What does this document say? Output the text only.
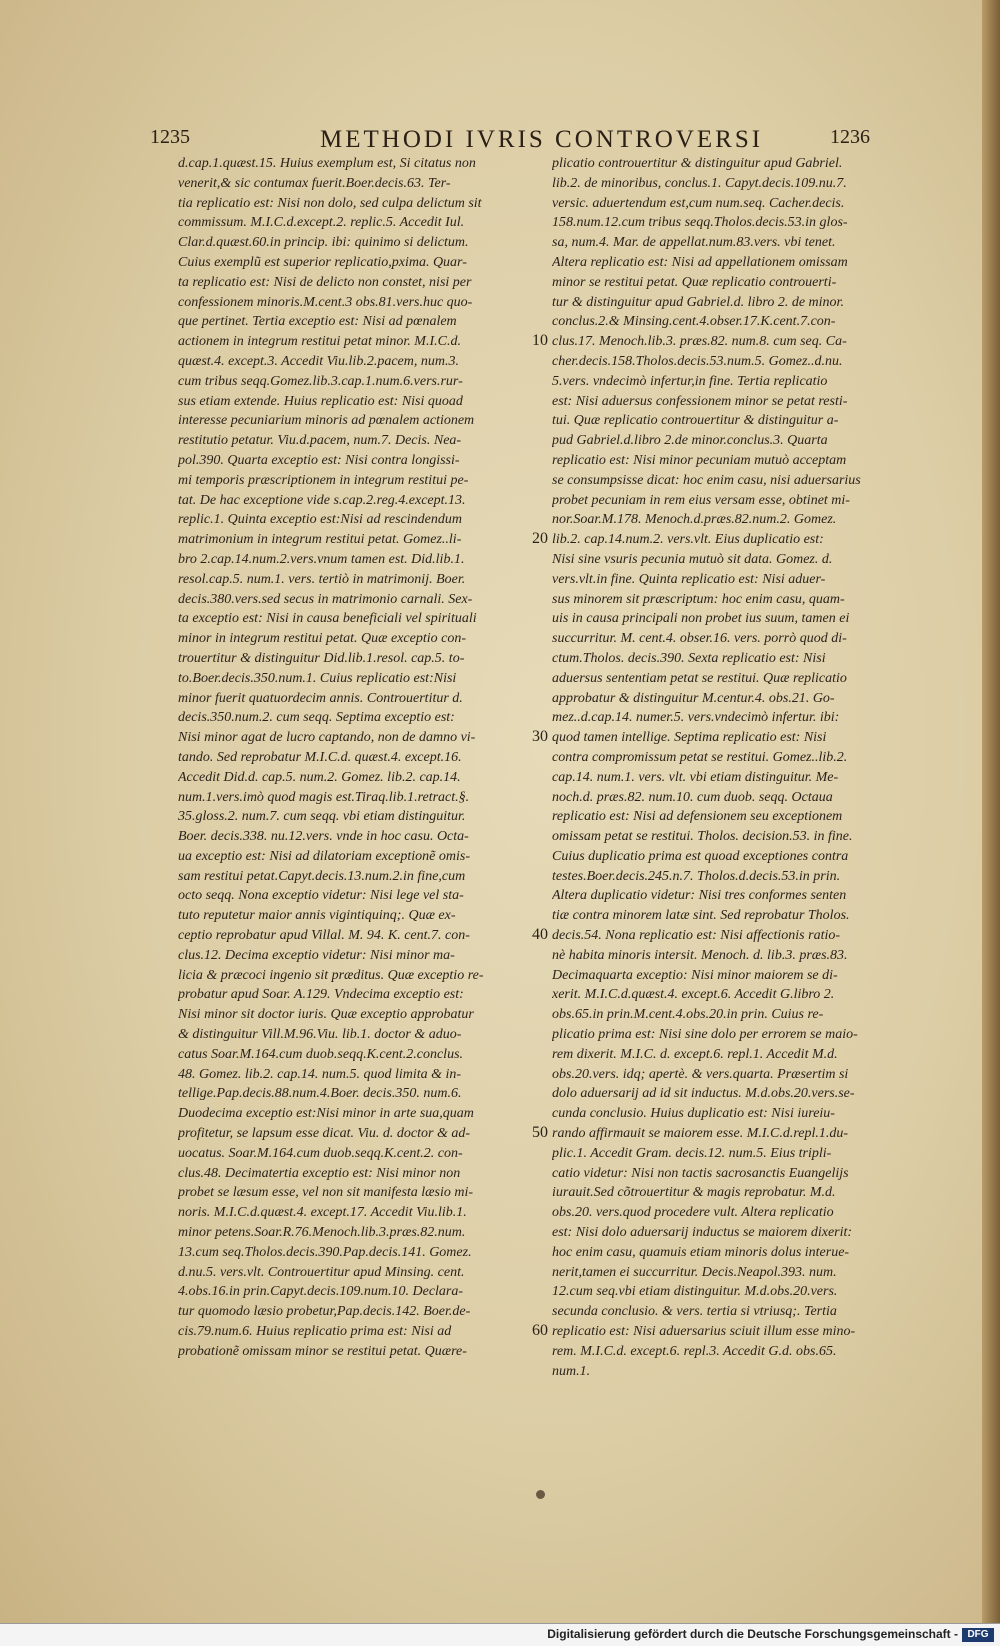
1235	METHODI IVRIS CONTROVERSI	1236
d.cap.1.quæst.15. Huius exemplum est, Si citatus non
venerit,& sic contumax fuerit.Boer.decis.63. Ter-
tia replicatio est: Nisi non dolo, sed culpa delictum sit
commissum. M.I.C.d.except.2. replic.5. Accedit Iul.
Clar.d.quæst.60.in princip. ibi: quinimo si delictum.
Cuius exemplũ est superior replicatio,pxima. Quar-
ta replicatio est: Nisi de delicto non constet, nisi per
confessionem minoris.M.cent.3 obs.81.vers.huc quo-
que pertinet. Tertia exceptio est: Nisi ad pœnalem
actionem in integrum restitui petat minor. M.I.C.d.
quæst.4. except.3. Accedit Viu.lib.2.pacem, num.3.
cum tribus seqq.Gomez.lib.3.cap.1.num.6.vers.rur-
sus etiam extende. Huius replicatio est: Nisi quoad
interesse pecuniarium minoris ad pœnalem actionem
restitutio petatur. Viu.d.pacem, num.7. Decis. Nea-
pol.390. Quarta exceptio est: Nisi contra longissi-
mi temporis præscriptionem in integrum restitui pe-
tat. De hac exceptione vide s.cap.2.reg.4.except.13.
replic.1. Quinta exceptio est:Nisi ad rescindendum
matrimonium in integrum restitui petat. Gomez..li-
bro 2.cap.14.num.2.vers.vnum tamen est. Did.lib.1.
resol.cap.5. num.1. vers. tertiò in matrimonij. Boer.
decis.380.vers.sed secus in matrimonio carnali. Sex-
ta exceptio est: Nisi in causa beneficiali vel spirituali
minor in integrum restitui petat. Quæ exceptio con-
trouertitur & distinguitur Did.lib.1.resol. cap.5. to-
to.Boer.decis.350.num.1. Cuius replicatio est:Nisi
minor fuerit quatuordecim annis. Controuertitur d.
decis.350.num.2. cum seqq. Septima exceptio est:
Nisi minor agat de lucro captando, non de damno vi-
tando. Sed reprobatur M.I.C.d. quæst.4. except.16.
Accedit Did.d. cap.5. num.2. Gomez. lib.2. cap.14.
num.1.vers.imò quod magis est.Tiraq.lib.1.retract.§.
35.gloss.2. num.7. cum seqq. vbi etiam distinguitur.
Boer. decis.338. nu.12.vers. vnde in hoc casu. Octa-
ua exceptio est: Nisi ad dilatoriam exceptionẽ omis-
sam restitui petat.Capyt.decis.13.num.2.in fine,cum
octo seqq. Nona exceptio videtur: Nisi lege vel sta-
tuto reputetur maior annis vigintiquinq;. Quæ ex-
ceptio reprobatur apud Villal. M. 94. K. cent.7. con-
clus.12. Decima exceptio videtur: Nisi minor ma-
licia & præcoci ingenio sit præditus. Quæ exceptio re-
probatur apud Soar. A.129. Vndecima exceptio est:
Nisi minor sit doctor iuris. Quæ exceptio approbatur
& distinguitur Vill.M.96.Viu. lib.1. doctor & aduo-
catus Soar.M.164.cum duob.seqq.K.cent.2.conclus.
48. Gomez. lib.2. cap.14. num.5. quod limita & in-
tellige.Pap.decis.88.num.4.Boer. decis.350. num.6.
Duodecima exceptio est:Nisi minor in arte sua,quam
profitetur, se lapsum esse dicat. Viu. d. doctor & ad-
uocatus. Soar.M.164.cum duob.seqq.K.cent.2. con-
clus.48. Decimatertia exceptio est: Nisi minor non
probet se læsum esse, vel non sit manifesta læsio mi-
noris. M.I.C.d.quæst.4. except.17. Accedit Viu.lib.1.
minor petens.Soar.R.76.Menoch.lib.3.præs.82.num.
13.cum seq.Tholos.decis.390.Pap.decis.141. Gomez.
d.nu.5. vers.vlt. Controuertitur apud Minsing. cent.
4.obs.16.in prin.Capyt.decis.109.num.10. Declara-
tur quomodo læsio probetur,Pap.decis.142. Boer.de-
cis.79.num.6. Huius replicatio prima est: Nisi ad
probationẽ omissam minor se restitui petat. Quære-
10
20
30
40
50
60
plicatio controuertitur & distinguitur apud Gabriel.
lib.2. de minoribus, conclus.1. Capyt.decis.109.nu.7.
versic. aduertendum est,cum num.seq. Cacher.decis.
158.num.12.cum tribus seqq.Tholos.decis.53.in glos-
sa, num.4. Mar. de appellat.num.83.vers. vbi tenet.
Altera replicatio est: Nisi ad appellationem omissam
minor se restitui petat. Quæ replicatio controuerti-
tur & distinguitur apud Gabriel.d. libro 2. de minor.
conclus.2.& Minsing.cent.4.obser.17.K.cent.7.con-
clus.17. Menoch.lib.3. præs.82. num.8. cum seq. Ca-
cher.decis.158.Tholos.decis.53.num.5. Gomez..d.nu.
5.vers. vndecimò infertur,in fine. Tertia replicatio
est: Nisi aduersus confessionem minor se petat resti-
tui. Quæ replicatio controuertitur & distinguitur a-
pud Gabriel.d.libro 2.de minor.conclus.3. Quarta
replicatio est: Nisi minor pecuniam mutuò acceptam
se consumpsisse dicat: hoc enim casu, nisi aduersarius
probet pecuniam in rem eius versam esse, obtinet mi-
nor.Soar.M.178. Menoch.d.præs.82.num.2. Gomez.
lib.2. cap.14.num.2. vers.vlt. Eius duplicatio est:
Nisi sine vsuris pecunia mutuò sit data. Gomez. d.
vers.vlt.in fine. Quinta replicatio est: Nisi aduer-
sus minorem sit præscriptum: hoc enim casu, quam-
uis in causa principali non probet ius suum, tamen ei
succurritur. M. cent.4. obser.16. vers. porrò quod di-
ctum.Tholos. decis.390. Sexta replicatio est: Nisi
aduersus sententiam petat se restitui. Quæ replicatio
approbatur & distinguitur M.centur.4. obs.21. Go-
mez..d.cap.14. numer.5. vers.vndecimò infertur. ibi:
quod tamen intellige. Septima replicatio est: Nisi
contra compromissum petat se restitui. Gomez..lib.2.
cap.14. num.1. vers. vlt. vbi etiam distinguitur. Me-
noch.d. præs.82. num.10. cum duob. seqq. Octaua
replicatio est: Nisi ad defensionem seu exceptionem
omissam petat se restitui. Tholos. decision.53. in fine.
Cuius duplicatio prima est quoad exceptiones contra
testes.Boer.decis.245.n.7. Tholos.d.decis.53.in prin.
Altera duplicatio videtur: Nisi tres conformes senten
tiæ contra minorem latæ sint. Sed reprobatur Tholos.
decis.54. Nona replicatio est: Nisi affectionis ratio-
nè habita minoris intersit. Menoch. d. lib.3. præs.83.
Decimaquarta exceptio: Nisi minor maiorem se di-
xerit. M.I.C.d.quæst.4. except.6. Accedit G.libro 2.
obs.65.in prin.M.cent.4.obs.20.in prin. Cuius re-
plicatio prima est: Nisi sine dolo per errorem se maio-
rem dixerit. M.I.C. d. except.6. repl.1. Accedit M.d.
obs.20.vers. idq; apertè. & vers.quarta. Præsertim si
dolo aduersarij ad id sit inductus. M.d.obs.20.vers.se-
cunda conclusio. Huius duplicatio est: Nisi iureiu-
rando affirmauit se maiorem esse. M.I.C.d.repl.1.du-
plic.1. Accedit Gram. decis.12. num.5. Eius tripli-
catio videtur: Nisi non tactis sacrosanctis Euangelijs
iurauit.Sed cõtrouertitur & magis reprobatur. M.d.
obs.20. vers.quod procedere vult. Altera replicatio
est: Nisi dolo aduersarij inductus se maiorem dixerit:
hoc enim casu, quamuis etiam minoris dolus interue-
nerit,tamen ei succurritur. Decis.Neapol.393. num.
12.cum seq.vbi etiam distinguitur. M.d.obs.20.vers.
secunda conclusio. & vers. tertia si vtriusq;. Tertia
replicatio est: Nisi aduersarius sciuit illum esse mino-
rem. M.I.C.d. except.6. repl.3. Accedit G.d. obs.65.
num.1.
Digitalisierung gefördert durch die Deutsche Forschungsgemeinschaft - DFG
